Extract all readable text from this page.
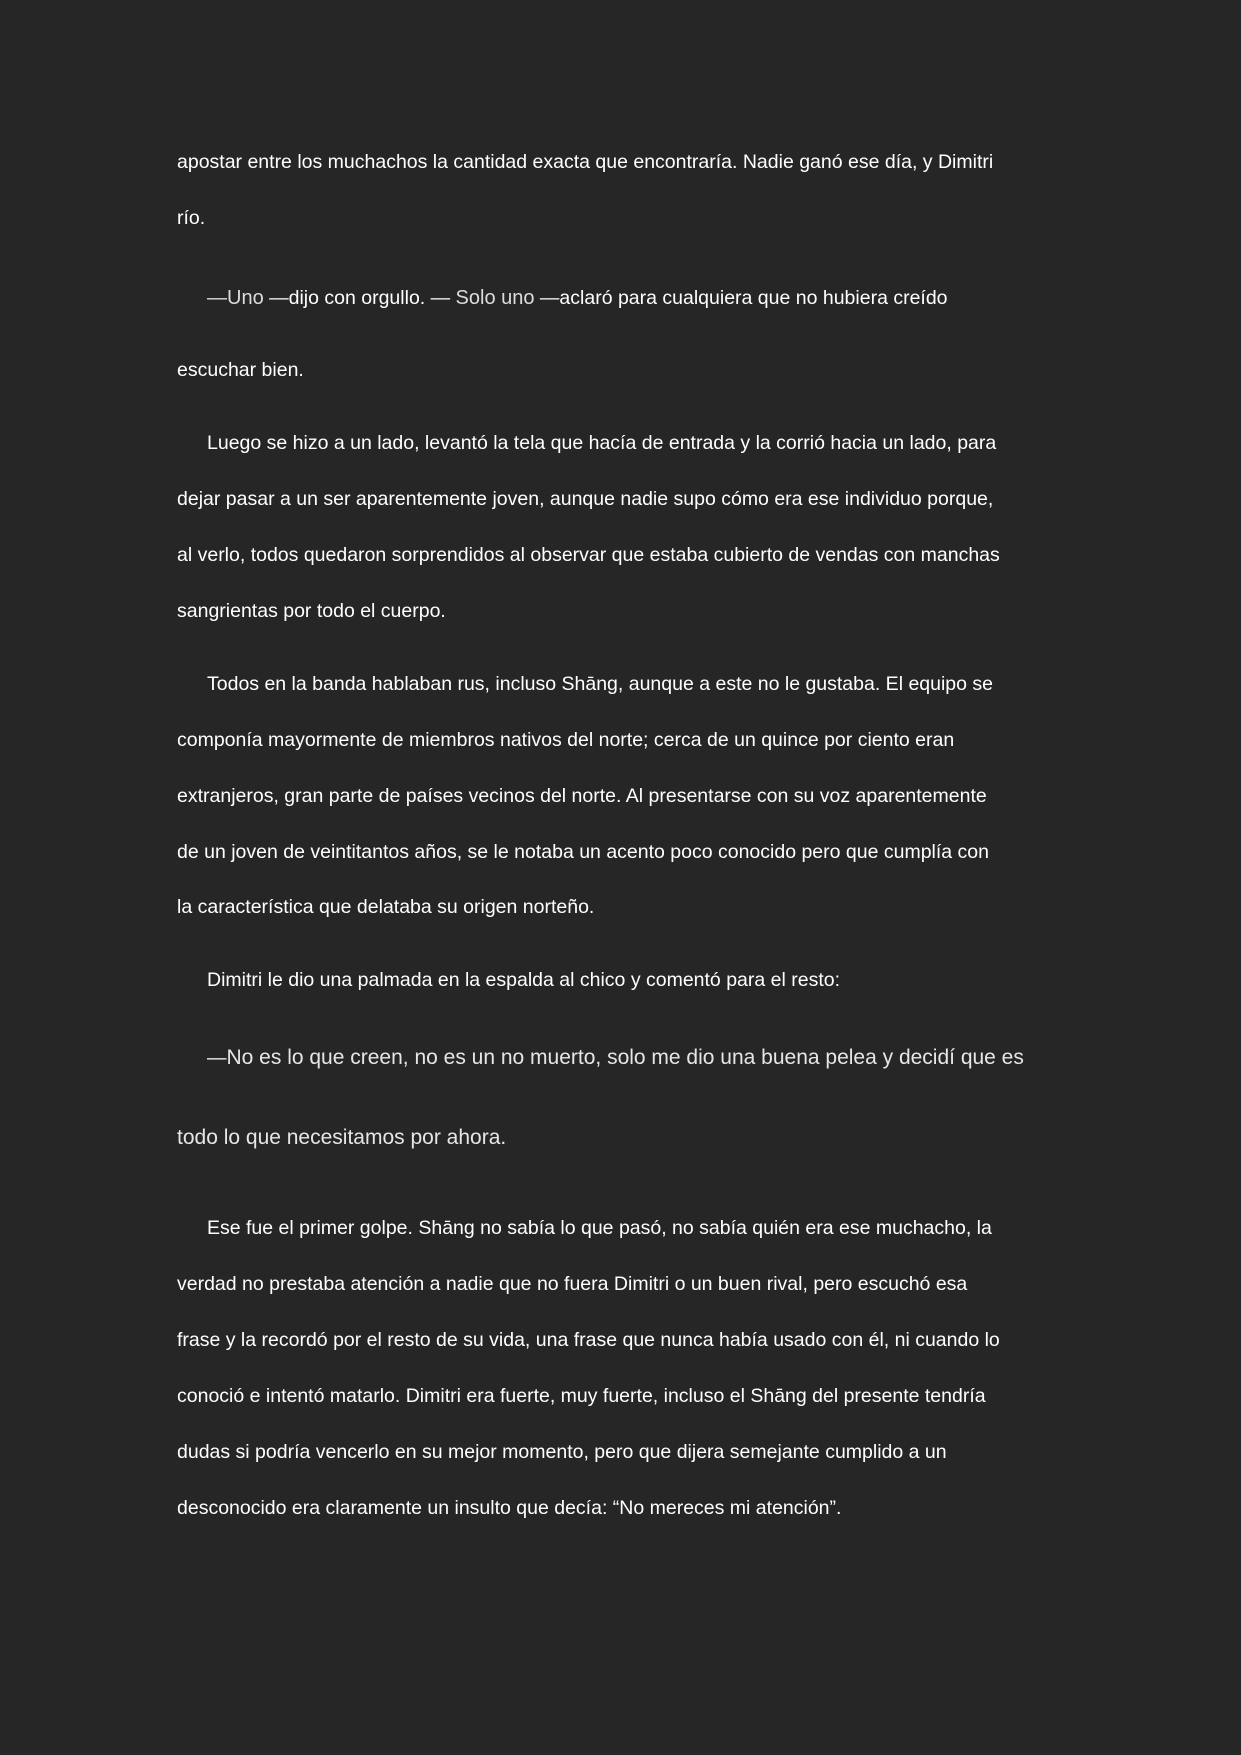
apostar entre los muchachos la cantidad exacta que encontraría. Nadie ganó ese día, y Dimitri

río.

—Uno —dijo con orgullo. — Solo uno —aclaró para cualquiera que no hubiera creído

escuchar bien.

Luego se hizo a un lado, levantó la tela que hacía de entrada y la corrió hacia un lado, para

dejar pasar a un ser aparentemente joven, aunque nadie supo cómo era ese individuo porque,

al verlo, todos quedaron sorprendidos al observar que estaba cubierto de vendas con manchas

sangrientas por todo el cuerpo.

Todos en la banda hablaban rus, incluso Shāng, aunque a este no le gustaba. El equipo se

componía mayormente de miembros nativos del norte; cerca de un quince por ciento eran

extranjeros, gran parte de países vecinos del norte. Al presentarse con su voz aparentemente

de un joven de veintitantos años, se le notaba un acento poco conocido pero que cumplía con

la característica que delataba su origen norteño.

Dimitri le dio una palmada en la espalda al chico y comentó para el resto:

—No es lo que creen, no es un no muerto, solo me dio una buena pelea y decidí que es

todo lo que necesitamos por ahora.

Ese fue el primer golpe. Shāng no sabía lo que pasó, no sabía quién era ese muchacho, la

verdad no prestaba atención a nadie que no fuera Dimitri o un buen rival, pero escuchó esa

frase y la recordó por el resto de su vida, una frase que nunca había usado con él, ni cuando lo

conoció e intentó matarlo. Dimitri era fuerte, muy fuerte, incluso el Shāng del presente tendría

dudas si podría vencerlo en su mejor momento, pero que dijera semejante cumplido a un

desconocido era claramente un insulto que decía: “No mereces mi atención”.
